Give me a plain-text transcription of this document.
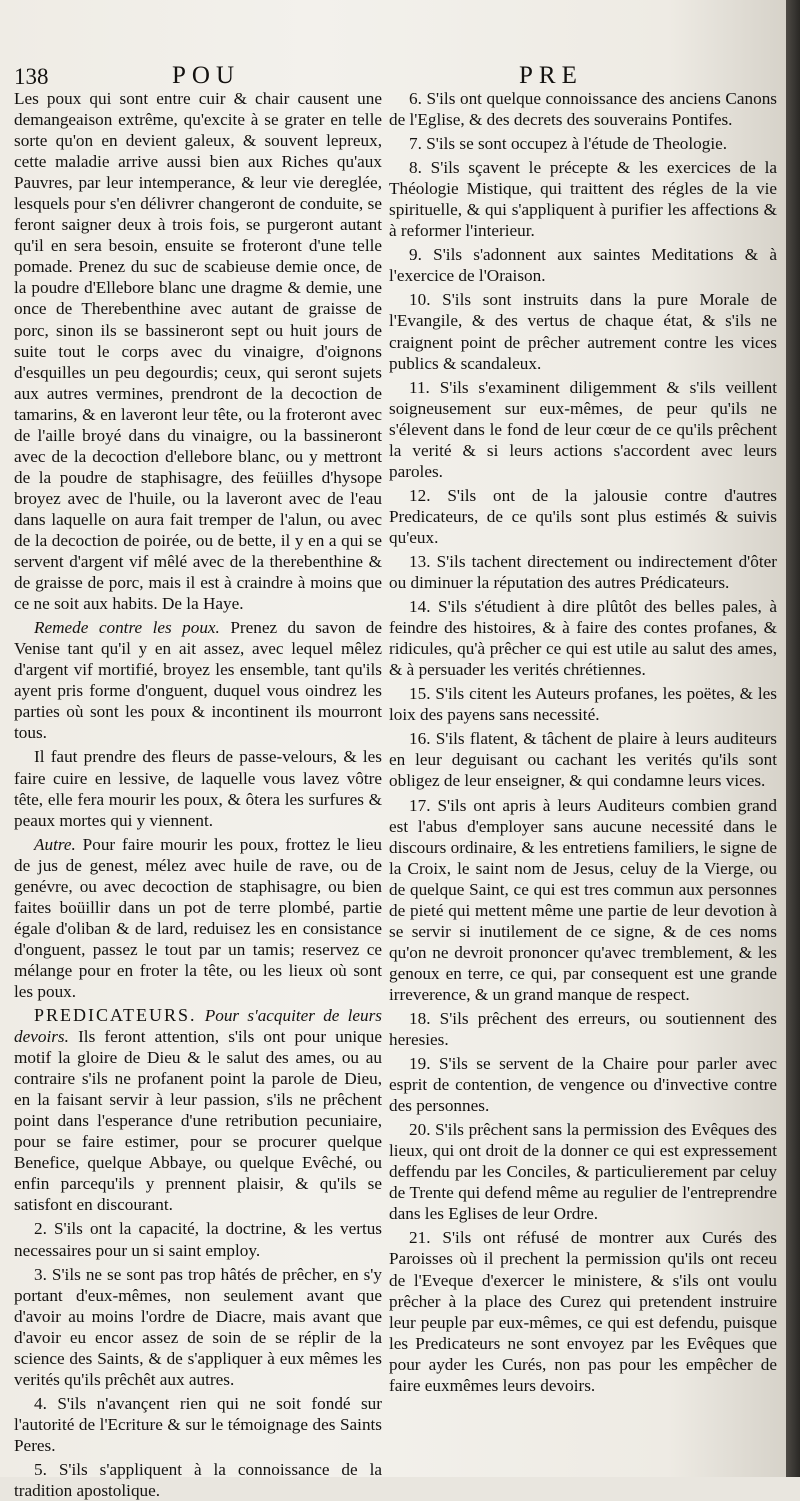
138	POU	PRE

Les poux qui sont entre cuir & chair causent une demangeaison extrême, qu'excite à se grater en telle sorte qu'on en devient galeux, & souvent lepreux, cette maladie arrive aussi bien aux Riches qu'aux Pauvres, par leur intemperance, & leur vie dereglée, lesquels pour s'en délivrer changeront de conduite, se feront saigner deux à trois fois, se purgeront autant qu'il en sera besoin, ensuite se froteront d'une telle pomade. Prenez du suc de scabieuse demie once, de la poudre d'Ellebore blanc une dragme & demie, une once de Therebenthine avec autant de graisse de porc, sinon ils se bassineront sept ou huit jours de suite tout le corps avec du vinaigre, d'oignons d'esquilles un peu degourdis; ceux, qui seront sujets aux autres vermines, prendront de la decoction de tamarins, & en laveront leur tête, ou la froteront avec de l'aille broyé dans du vinaigre, ou la bassineront avec de la decoction d'ellebore blanc, ou y mettront de la poudre de staphisagre, des feüilles d'hysope broyez avec de l'huile, ou la laveront avec de l'eau dans laquelle on aura fait tremper de l'alun, ou avec de la decoction de poirée, ou de bette, il y en a qui se servent d'argent vif mêlé avec de la therebenthine & de graisse de porc, mais il est à craindre à moins que ce ne soit aux habits. De la Haye.

Remede contre les poux. Prenez du savon de Venise tant qu'il y en ait assez, avec lequel mêlez d'argent vif mortifié, broyez les ensemble, tant qu'ils ayent pris forme d'onguent, duquel vous oindrez les parties où sont les poux & incontinent ils mourront tous.

Il faut prendre des fleurs de passe-velours, & les faire cuire en lessive, de laquelle vous lavez vôtre tête, elle fera mourir les poux, & ôtera les surfures & peaux mortes qui y viennent.

Autre. Pour faire mourir les poux, frottez le lieu de jus de genest, mélez avec huile de rave, ou de genévre, ou avec decoction de staphisagre, ou bien faites boüillir dans un pot de terre plombé, partie égale d'oliban & de lard, reduisez les en consistance d'onguent, passez le tout par un tamis; reservez ce mélange pour en froter la tête, ou les lieux où sont les poux.

PREDICATEURS. Pour s'acquiter de leurs devoirs. Ils feront attention, s'ils ont pour unique motif la gloire de Dieu & le salut des ames, ou au contraire s'ils ne profanent point la parole de Dieu, en la faisant servir à leur passion, s'ils ne prêchent point dans l'esperance d'une retribution pecuniaire, pour se faire estimer, pour se procurer quelque Benefice, quelque Abbaye, ou quelque Evêché, ou enfin parcequ'ils y prennent plaisir, & qu'ils se satisfont en discourant.

2. S'ils ont la capacité, la doctrine, & les vertus necessaires pour un si saint employ.

3. S'ils ne se sont pas trop hâtés de prêcher, en s'y portant d'eux-mêmes, non seulement avant que d'avoir au moins l'ordre de Diacre, mais avant que d'avoir eu encor assez de soin de se réplir de la science des Saints, & de s'appliquer à eux mêmes les verités qu'ils prêchêt aux autres.

4. S'ils n'avançent rien qui ne soit fondé sur l'autorité de l'Ecriture & sur le témoignage des Saints Peres.

5. S'ils s'appliquent à la connoissance de la tradition apostolique.

6. S'ils ont quelque connoissance des anciens Canons de l'Eglise, & des decrets des souverains Pontifes.

7. S'ils se sont occupez à l'étude de Theologie.

8. S'ils sçavent le précepte & les exercices de la Théologie Mistique, qui traittent des régles de la vie spirituelle, & qui s'appliquent à purifier les affections & à reformer l'interieur.

9. S'ils s'adonnent aux saintes Meditations & à l'exercice de l'Oraison.

10. S'ils sont instruits dans la pure Morale de l'Evangile, & des vertus de chaque état, & s'ils ne craignent point de prêcher autrement contre les vices publics & scandaleux.

11. S'ils s'examinent diligemment & s'ils veillent soigneusement sur eux-mêmes, de peur qu'ils ne s'élevent dans le fond de leur cœur de ce qu'ils prêchent la verité & si leurs actions s'accordent avec leurs paroles.

12. S'ils ont de la jalousie contre d'autres Predicateurs, de ce qu'ils sont plus estimés & suivis qu'eux.

13. S'ils tachent directement ou indirectement d'ôter ou diminuer la réputation des autres Prédicateurs.

14. S'ils s'étudient à dire plûtôt des belles pales, à feindre des histoires, & à faire des contes profanes, & ridicules, qu'à prêcher ce qui est utile au salut des ames, & à persuader les verités chrétiennes.

15. S'ils citent les Auteurs profanes, les poëtes, & les loix des payens sans necessité.

16. S'ils flatent, & tâchent de plaire à leurs auditeurs en leur deguisant ou cachant les verités qu'ils sont obligez de leur enseigner, & qui condamne leurs vices.

17. S'ils ont apris à leurs Auditeurs combien grand est l'abus d'employer sans aucune necessité dans le discours ordinaire, & les entretiens familiers, le signe de la Croix, le saint nom de Jesus, celuy de la Vierge, ou de quelque Saint, ce qui est tres commun aux personnes de pieté qui mettent même une partie de leur devotion à se servir si inutilement de ce signe, & de ces noms qu'on ne devroit prononcer qu'avec tremblement, & les genoux en terre, ce qui, par consequent est une grande irreverence, & un grand manque de respect.

18. S'ils prêchent des erreurs, ou soutiennent des heresies.

19. S'ils se servent de la Chaire pour parler avec esprit de contention, de vengence ou d'invective contre des personnes.

20. S'ils prêchent sans la permission des Evêques des lieux, qui ont droit de la donner ce qui est expressement deffendu par les Conciles, & particulierement par celuy de Trente qui defend même au regulier de l'entreprendre dans les Eglises de leur Ordre.

21. S'ils ont réfusé de montrer aux Curés des Paroisses où il prechent la permission qu'ils ont receu de l'Eveque d'exercer le ministere, & s'ils ont voulu prêcher à la place des Curez qui pretendent instruire leur peuple par eux-mêmes, ce qui est defendu, puisque les Predicateurs ne sont envoyez par les Evêques que pour ayder les Curés, non pas pour les empêcher de faire euxmêmes leurs devoirs.
